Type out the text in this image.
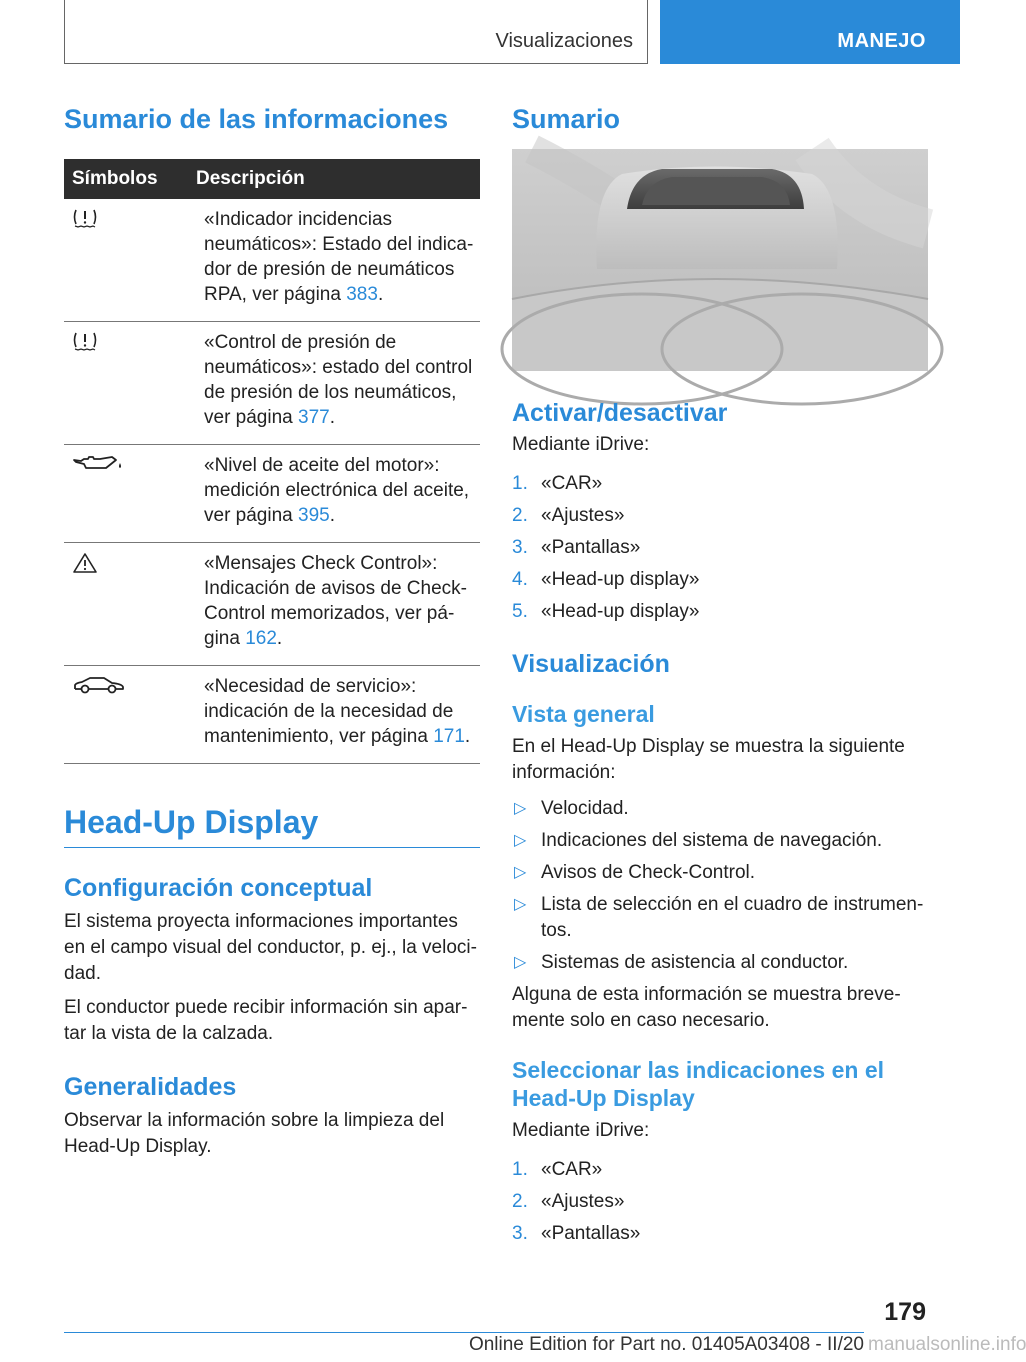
Visualizaciones	MANEJO
Sumario de las informaciones
Símbolos	Descripción

	«Indicador incidencias neumáticos»: Estado del indicador de presión de neumáticos RPA, ver página 383.

	«Control de presión de neumáticos»: estado del control de presión de los neumáticos, ver página 377.

	«Nivel de aceite del motor»: medición electrónica del aceite, ver página 395.

	«Mensajes Check Control»: Indicación de avisos de Check-Control memorizados, ver página 162.

	«Necesidad de servicio»: indicación de la necesidad de mantenimiento, ver página 171.
Head-Up Display
Configuración conceptual

El sistema proyecta informaciones importantes en el campo visual del conductor, p. ej., la velocidad.

El conductor puede recibir información sin apartar la vista de la calzada.

Generalidades

Observar la información sobre la limpieza del Head-Up Display.

Sumario
Activar/desactivar

Mediante iDrive:

1. «CAR»
2. «Ajustes»
3. «Pantallas»
4. «Head-up display»
5. «Head-up display»
Visualización
Vista general

En el Head-Up Display se muestra la siguiente información:

▷ Velocidad.
▷ Indicaciones del sistema de navegación.
▷ Avisos de Check-Control.
▷ Lista de selección en el cuadro de instrumentos.
▷ Sistemas de asistencia al conductor.

Alguna de esta información se muestra brevemente solo en caso necesario.

Seleccionar las indicaciones en el Head-Up Display

Mediante iDrive:

1. «CAR»
2. «Ajustes»
3. «Pantallas»
179
Online Edition for Part no. 01405A03408 - II/20 manualsonline.info
